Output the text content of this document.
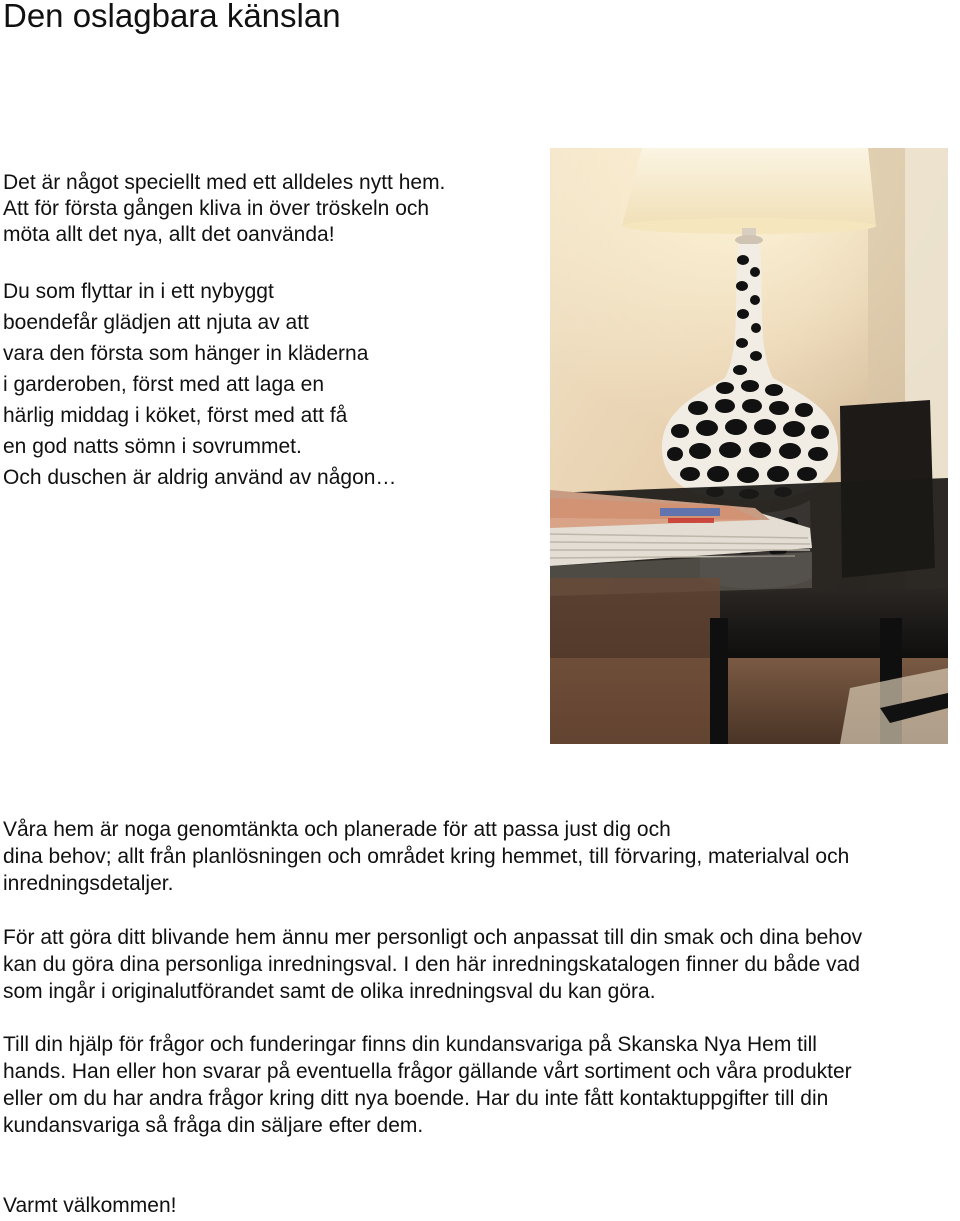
Den oslagbara känslan

Det är något speciellt med ett alldeles nytt hem.
Att för första gången kliva in över tröskeln och
möta allt det nya, allt det oanvända!

Du som flyttar in i ett nybyggt
boendefår glädjen att njuta av att
vara den första som hänger in kläderna
i garderoben, först med att laga en
härlig middag i köket, först med att få
en god natts sömn i sovrummet.
Och duschen är aldrig använd av någon…

Våra hem är noga genomtänkta och planerade för att passa just dig och
dina behov; allt från planlösningen och området kring hemmet, till förvaring, materialval och
inredningsdetaljer.

För att göra ditt blivande hem ännu mer personligt och anpassat till din smak och dina behov
kan du göra dina personliga inredningsval. I den här inredningskatalogen finner du både vad
som ingår i originalutförandet samt de olika inredningsval du kan göra.

Till din hjälp för frågor och funderingar finns din kundansvariga på Skanska Nya Hem till
hands. Han eller hon svarar på eventuella frågor gällande vårt sortiment och våra produkter
eller om du har andra frågor kring ditt nya boende. Har du inte fått kontaktuppgifter till din
kundansvariga så fråga din säljare efter dem.

Varmt välkommen!
